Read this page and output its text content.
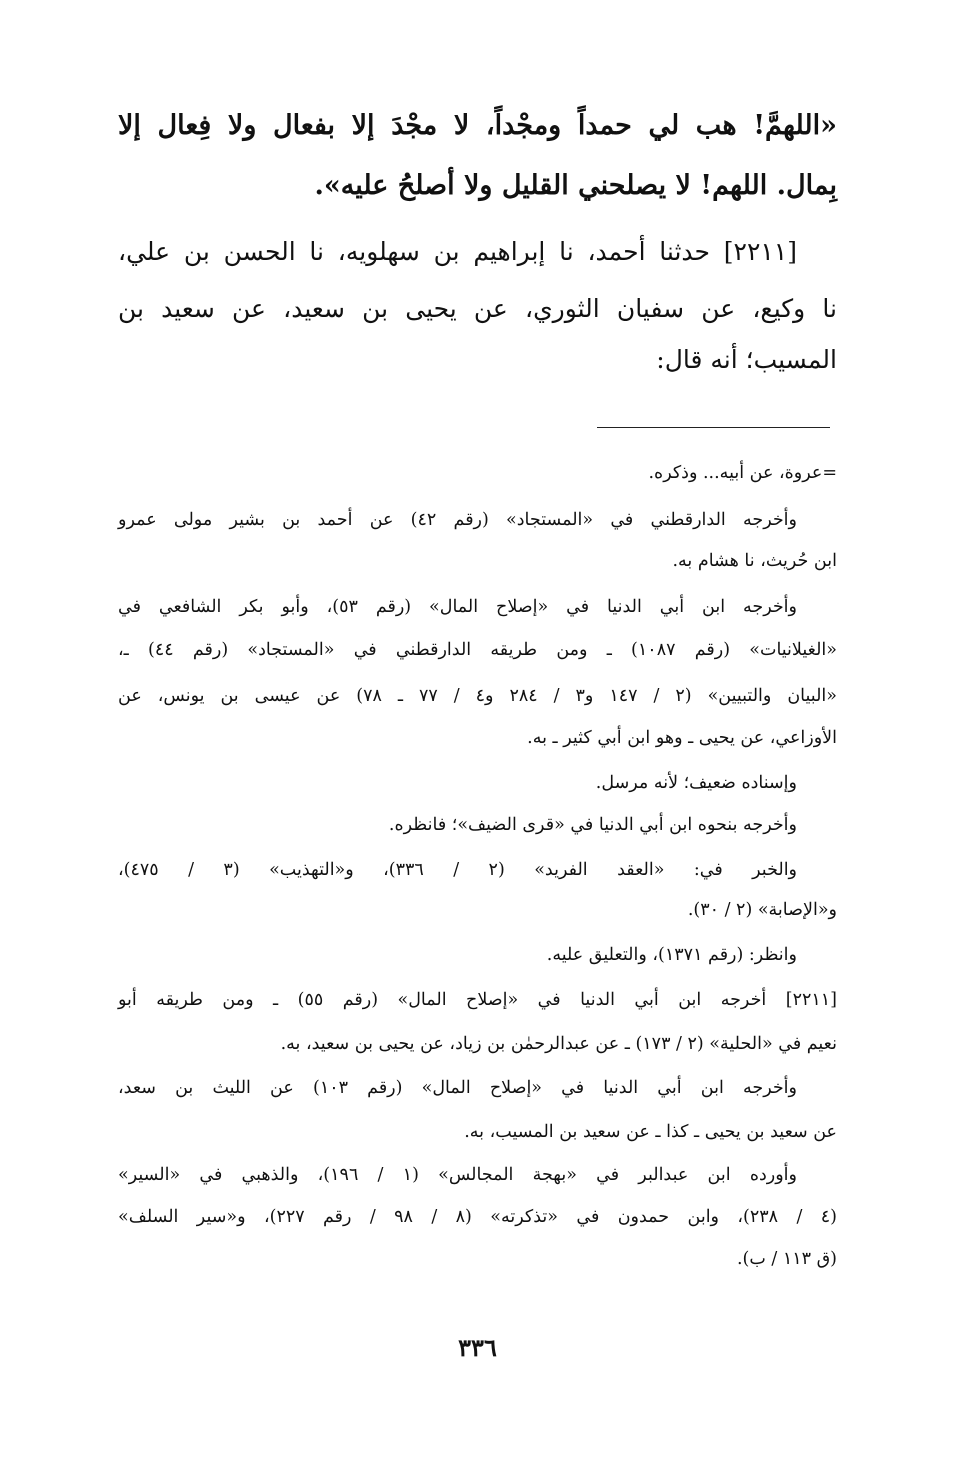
«اللهمَّ! هب لي حمداً ومجْداً، لا مجْدَ إلا بفعال ولا فِعال إلا
بِمال. اللهم! لا يصلحني القليل ولا أصلحُ عليه».
[٢٢١١] حدثنا أحمد، نا إبراهيم بن سهلويه، نا الحسن بن علي،
نا وكيع، عن سفيان الثوري، عن يحيى بن سعيد، عن سعيد بن
المسيب؛ أنه قال:
=عروة، عن أبيه... وذكره.
وأخرجه الدارقطني في «المستجاد» (رقم ٤٢) عن أحمد بن بشير مولى عمرو
ابن حُريث، نا هشام به.
وأخرجه ابن أبي الدنيا في «إصلاح المال» (رقم ٥٣)، وأبو بكر الشافعي في
«الغيلانيات» (رقم ١٠٨٧) ـ ومن طريقه الدارقطني في «المستجاد» (رقم ٤٤) ـ،
«البيان والتبيين» (٢ / ١٤٧ و٣ / ٢٨٤ و٤ / ٧٧ ـ ٧٨) عن عيسى بن يونس، عن
الأوزاعي، عن يحيى ـ وهو ابن أبي كثير ـ به.
وإسناده ضعيف؛ لأنه مرسل.
وأخرجه بنحوه ابن أبي الدنيا في «قرى الضيف»؛ فانظره.
والخبر في: «العقد الفريد» (٢ / ٣٣٦)، و«التهذيب» (٣ / ٤٧٥)،
و«الإصابة» (٢ / ٣٠).
وانظر: (رقم ١٣٧١)، والتعليق عليه.
[٢٢١١] أخرجه ابن أبي الدنيا في «إصلاح المال» (رقم ٥٥) ـ ومن طريقه أبو
نعيم في «الحلية» (٢ / ١٧٣) ـ عن عبدالرحمٰن بن زياد، عن يحيى بن سعيد، به.
وأخرجه ابن أبي الدنيا في «إصلاح المال» (رقم ١٠٣) عن الليث بن سعد،
عن سعيد بن يحيى ـ كذا ـ عن سعيد بن المسيب، به.
وأورده ابن عبدالبر في «بهجة المجالس» (١ / ١٩٦)، والذهبي في «السير»
(٤ / ٢٣٨)، وابن حمدون في «تذكرته» (٨ / ٩٨ / رقم ٢٢٧)، و«سير السلف»
(ق ١١٣ / ب).
٣٣٦
